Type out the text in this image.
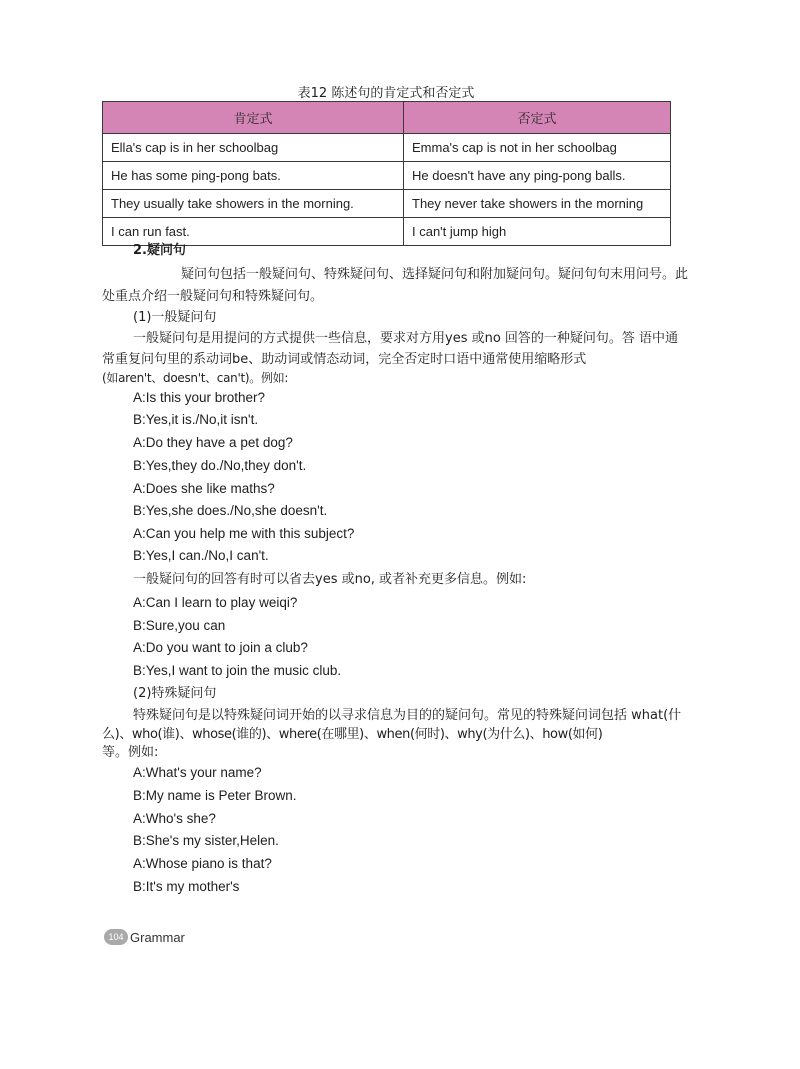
表12 陈述句的肯定式和否定式
肯定式	否定式
Ella's cap is in her schoolbag	Emma's cap is not in her schoolbag
He has some ping-pong bats.	He doesn't have any ping-pong balls.
They usually take showers in the morning.	They never take showers in the morning
I can run fast.	I can't jump high
2.疑问句
疑问句包括一般疑问句、特殊疑问句、选择疑问句和附加疑问句。疑问句句末用问号。此
处重点介绍一般疑问句和特殊疑问句。
(1)一般疑问句
一般疑问句是用提问的方式提供一些信息，要求对方用yes 或no 回答的一种疑问句。答 语中通
常重复问句里的系动词be、助动词或情态动词，完全否定时口语中通常使用缩略形式
(如aren't、doesn't、can't)。例如:
A:Is this your brother?
B:Yes,it is./No,it isn't.
A:Do they have a pet dog?
B:Yes,they do./No,they don't.
A:Does she like maths?
B:Yes,she does./No,she doesn't.
A:Can you help me with this subject?
B:Yes,I can./No,I can't.
一般疑问句的回答有时可以省去yes 或no, 或者补充更多信息。例如:
A:Can I learn to play weiqi?
B:Sure,you can
A:Do you want to join a club?
B:Yes,I want to join the music club.
(2)特殊疑问句
特殊疑问句是以特殊疑问词开始的以寻求信息为目的的疑问句。常见的特殊疑问词包括 what(什
么)、who(谁)、whose(谁的)、where(在哪里)、when(何时)、why(为什么)、how(如何)
等。例如:
A:What's your name?
B:My name is Peter Brown.
A:Who's she?
B:She's my sister,Helen.
A:Whose piano is that?
B:It's my mother's
104 Grammar
